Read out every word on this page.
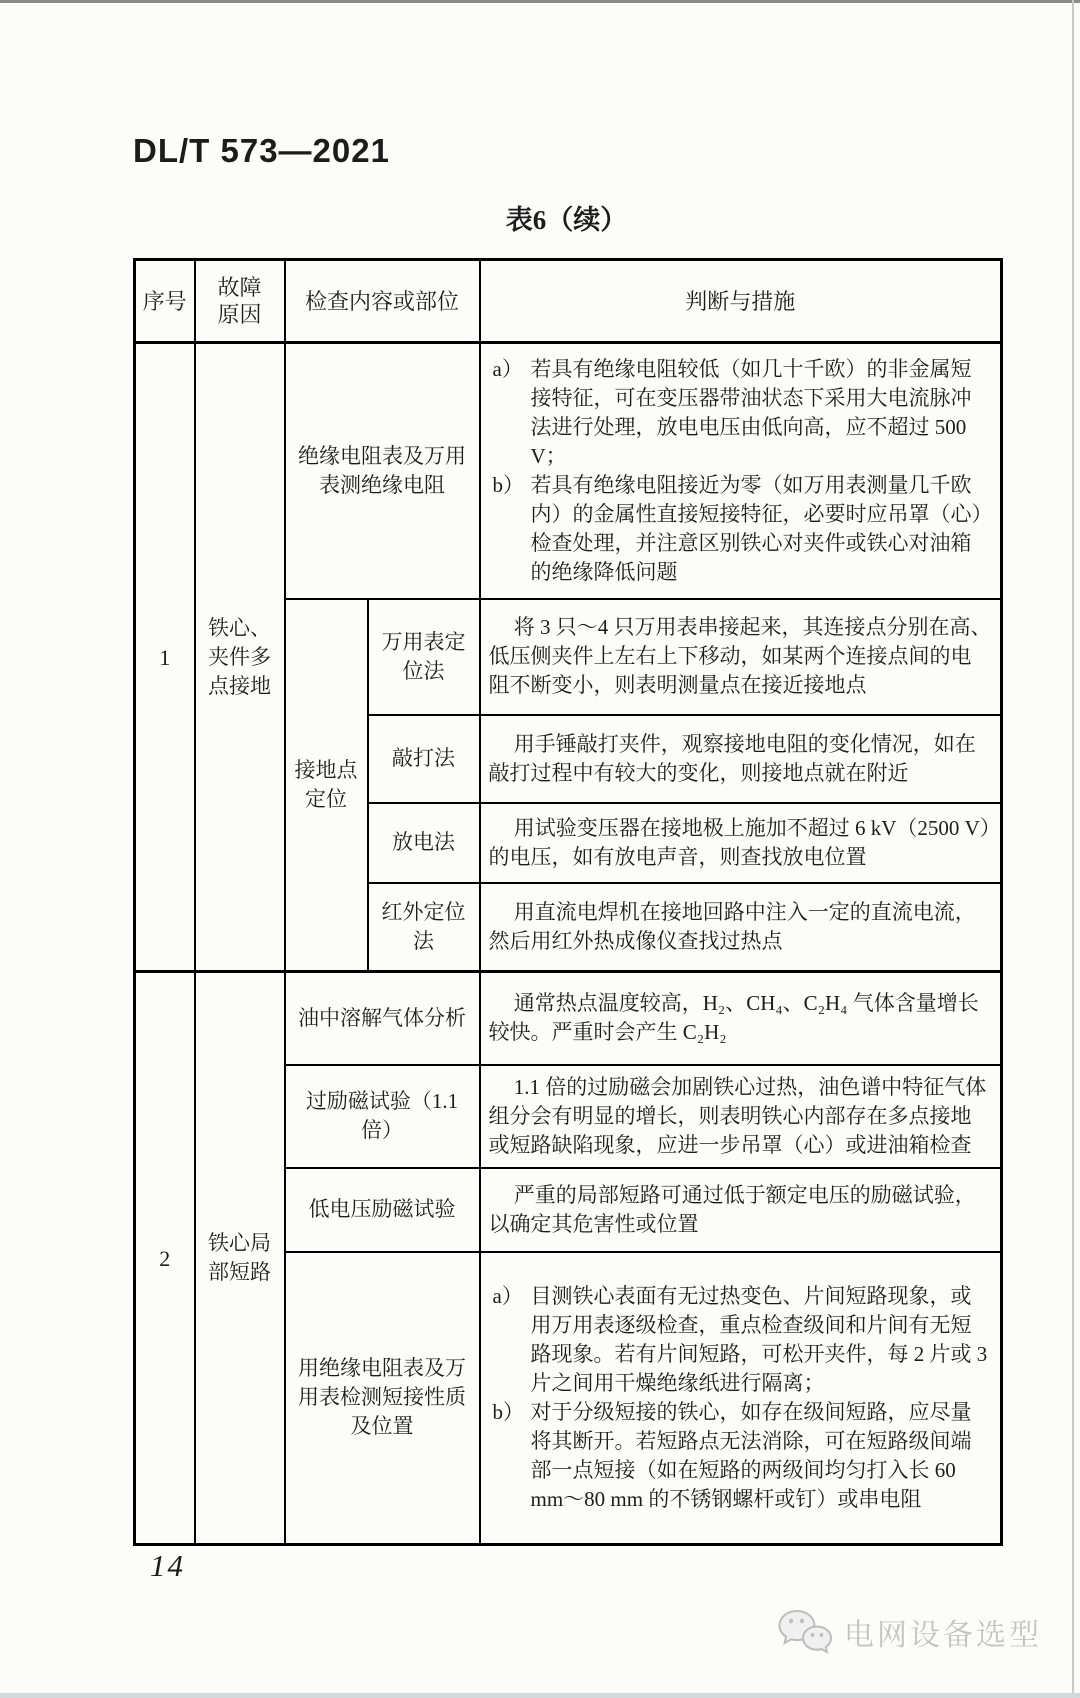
DL/T 573—2021
表6（续）
序号	故障原因	检查内容或部位		判断与措施
1	铁心、夹件多点接地	绝缘电阻表及万用表测绝缘电阻		a） 若具有绝缘电阻较低（如几十千欧）的非金属短接特征，可在变压器带油状态下采用大电流脉冲法进行处理，放电电压由低向高，应不超过 500 V；
b） 若具有绝缘电阻接近为零（如万用表测量几千欧内）的金属性直接短接特征，必要时应吊罩（心）检查处理，并注意区别铁心对夹件或铁心对油箱的绝缘降低问题

		接地点定位	万用表定位法	将 3 只～4 只万用表串接起来，其连接点分别在高、低压侧夹件上左右上下移动，如某两个连接点间的电阻不断变小，则表明测量点在接近接地点

			敲打法	用手锤敲打夹件，观察接地电阻的变化情况，如在敲打过程中有较大的变化，则接地点就在附近

			放电法	用试验变压器在接地极上施加不超过 6 kV（2500 V）的电压，如有放电声音，则查找放电位置

			红外定位法	用直流电焊机在接地回路中注入一定的直流电流，然后用红外热成像仪查找过热点

2	铁心局部短路	油中溶解气体分析		通常热点温度较高，H₂、CH₄、C₂H₄ 气体含量增长较快。严重时会产生 C₂H₂

		过励磁试验（1.1 倍）		1.1 倍的过励磁会加剧铁心过热，油色谱中特征气体组分会有明显的增长，则表明铁心内部存在多点接地或短路缺陷现象，应进一步吊罩（心）或进油箱检查

		低电压励磁试验		严重的局部短路可通过低于额定电压的励磁试验，以确定其危害性或位置

		用绝缘电阻表及万用表检测短接性质及位置		a） 目测铁心表面有无过热变色、片间短路现象，或用万用表逐级检查，重点检查级间和片间有无短路现象。若有片间短路，可松开夹件，每 2 片或 3 片之间用干燥绝缘纸进行隔离；
b） 对于分级短接的铁心，如存在级间短路，应尽量将其断开。若短路点无法消除，可在短路级间端部一点短接（如在短路的两级间均匀打入长 60 mm～80 mm 的不锈钢螺杆或钉）或串电阻
14
电网设备选型
